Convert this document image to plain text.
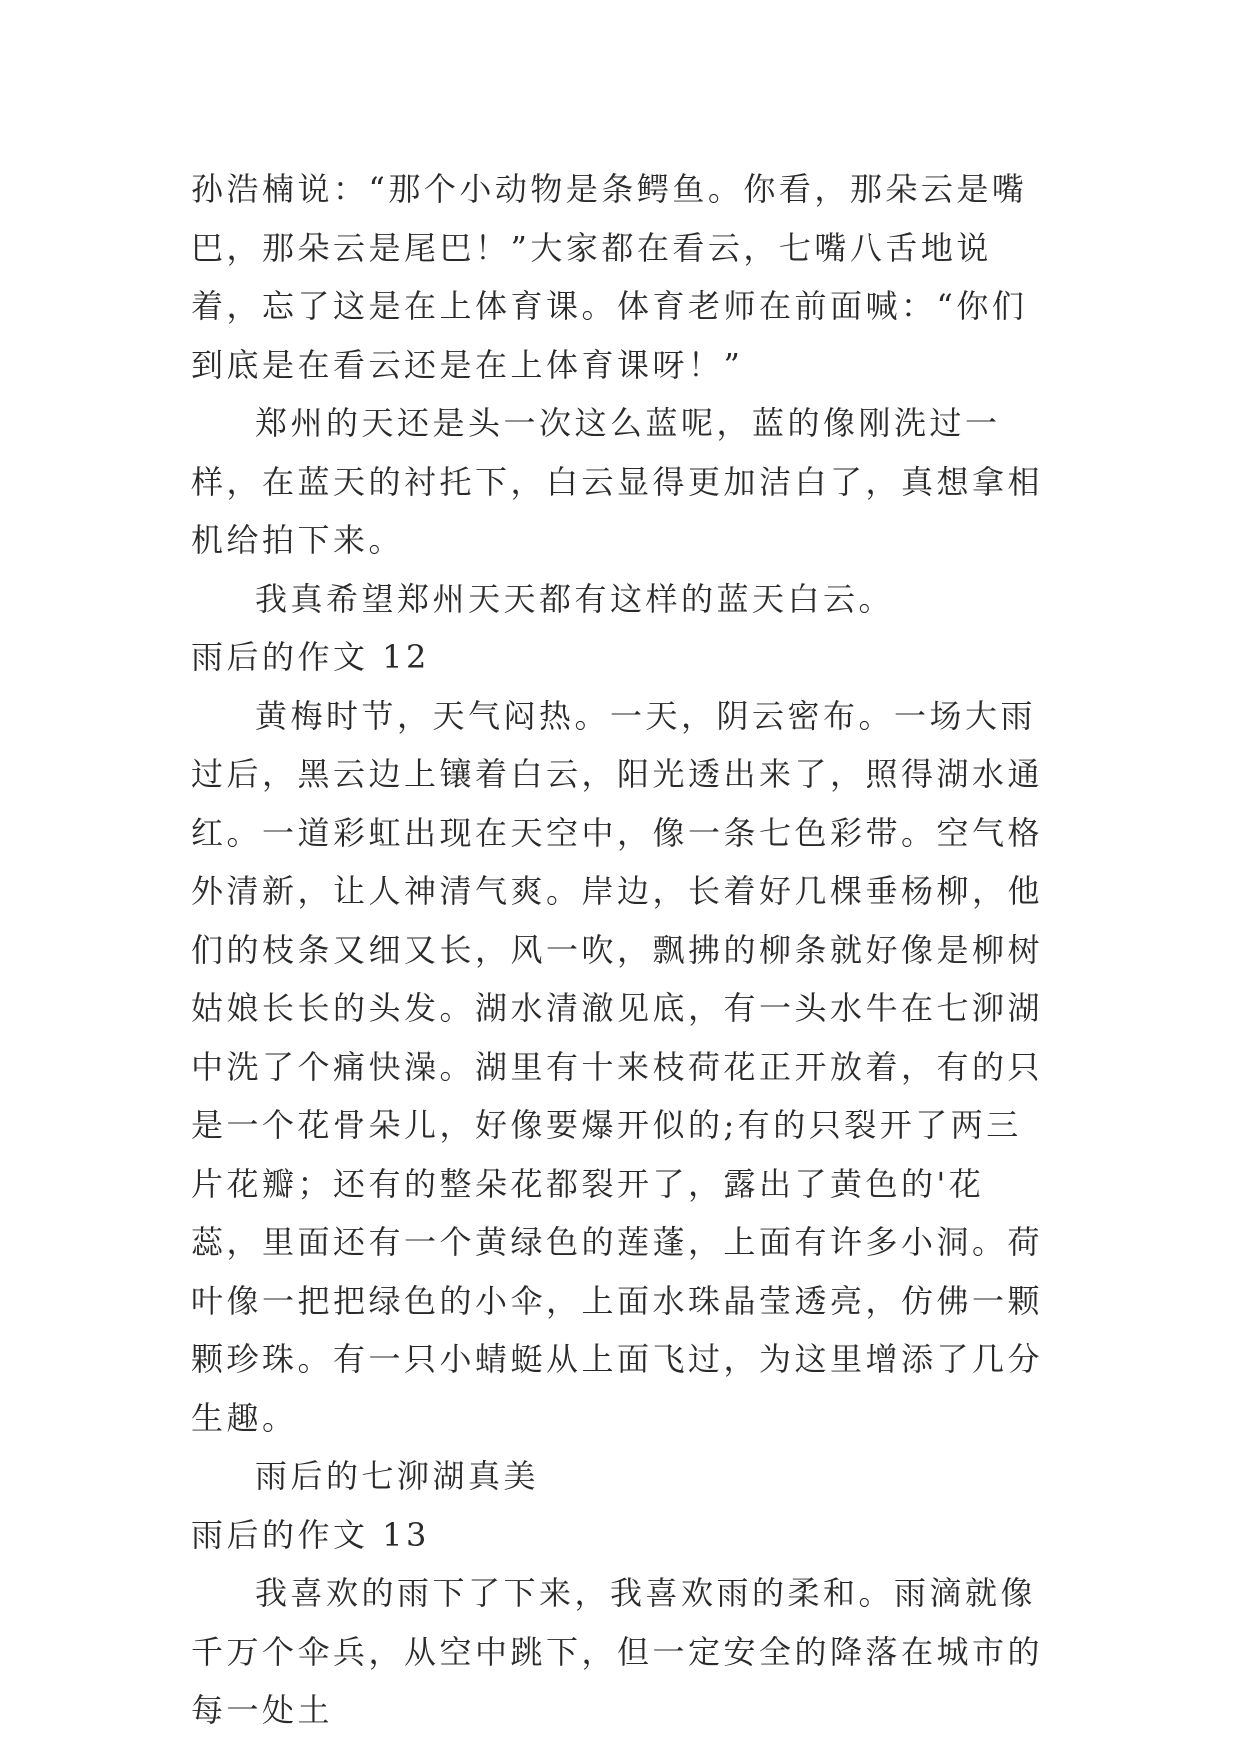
孙浩楠说：“那个小动物是条鳄鱼。你看，那朵云是嘴巴，那朵云是尾巴！”大家都在看云，七嘴八舌地说着，忘了这是在上体育课。体育老师在前面喊：“你们到底是在看云还是在上体育课呀！”

郑州的天还是头一次这么蓝呢，蓝的像刚洗过一样，在蓝天的衬托下，白云显得更加洁白了，真想拿相机给拍下来。

我真希望郑州天天都有这样的蓝天白云。

雨后的作文 12

黄梅时节，天气闷热。一天，阴云密布。一场大雨过后，黑云边上镶着白云，阳光透出来了，照得湖水通红。一道彩虹出现在天空中，像一条七色彩带。空气格外清新，让人神清气爽。岸边，长着好几棵垂杨柳，他们的枝条又细又长，风一吹，飘拂的柳条就好像是柳树姑娘长长的头发。湖水清澈见底，有一头水牛在七泖湖中洗了个痛快澡。湖里有十来枝荷花正开放着，有的只是一个花骨朵儿，好像要爆开似的;有的只裂开了两三片花瓣；还有的整朵花都裂开了，露出了黄色的'花蕊，里面还有一个黄绿色的莲蓬，上面有许多小洞。荷叶像一把把绿色的小伞，上面水珠晶莹透亮，仿佛一颗颗珍珠。有一只小蜻蜓从上面飞过，为这里增添了几分生趣。

雨后的七泖湖真美

雨后的作文 13

我喜欢的雨下了下来，我喜欢雨的柔和。雨滴就像千万个伞兵，从空中跳下，但一定安全的降落在城市的每一处土
